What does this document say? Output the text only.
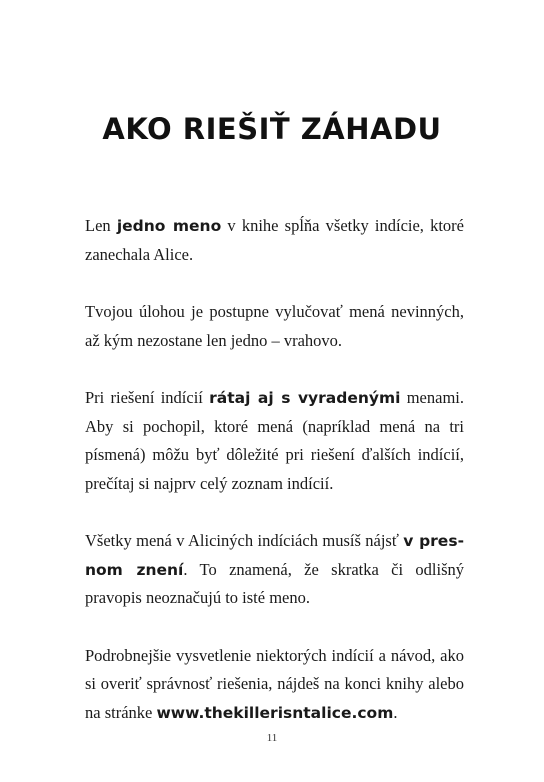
AKO RIEŠIŤ ZÁHADU

Len jedno meno v knihe spĺňa všetky indície, ktoré zanechala Alice.

Tvojou úlohou je postupne vylučovať mená nevinných, až kým nezostane len jedno – vrahovo.

Pri riešení indícií rátaj aj s vyradenými menami. Aby si pochopil, ktoré mená (napríklad mená na tri písmená) môžu byť dôležité pri riešení ďalších indícií, prečítaj si najprv celý zoznam indícií.

Všetky mená v Aliciných indíciách musíš nájsť v presnom znení. To znamená, že skratka či odlišný pravopis neoznačujú to isté meno.

Podrobnejšie vysvetlenie niektorých indícií a návod, ako si overiť správnosť riešenia, nájdeš na konci knihy alebo na stránke www.thekillerisntalice.com.

11
